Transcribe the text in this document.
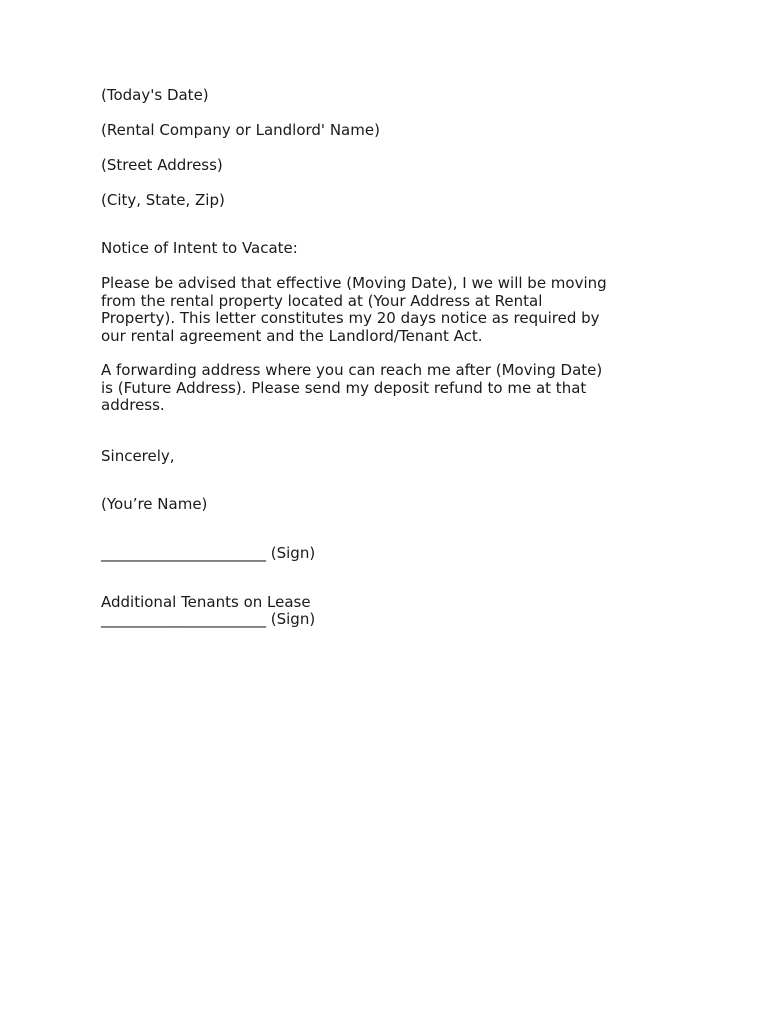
(Today's Date)

(Rental Company or Landlord' Name)

(Street Address)

(City, State, Zip)

Notice of Intent to Vacate:

Please be advised that effective (Moving Date), I we will be moving
from the rental property located at (Your Address at Rental
Property). This letter constitutes my 20 days notice as required by
our rental agreement and the Landlord/Tenant Act.
A forwarding address where you can reach me after (Moving Date)
is (Future Address). Please send my deposit refund to me at that
address.

Sincerely,

(You’re Name)

______________________ (Sign)

Additional Tenants on Lease

______________________ (Sign)
